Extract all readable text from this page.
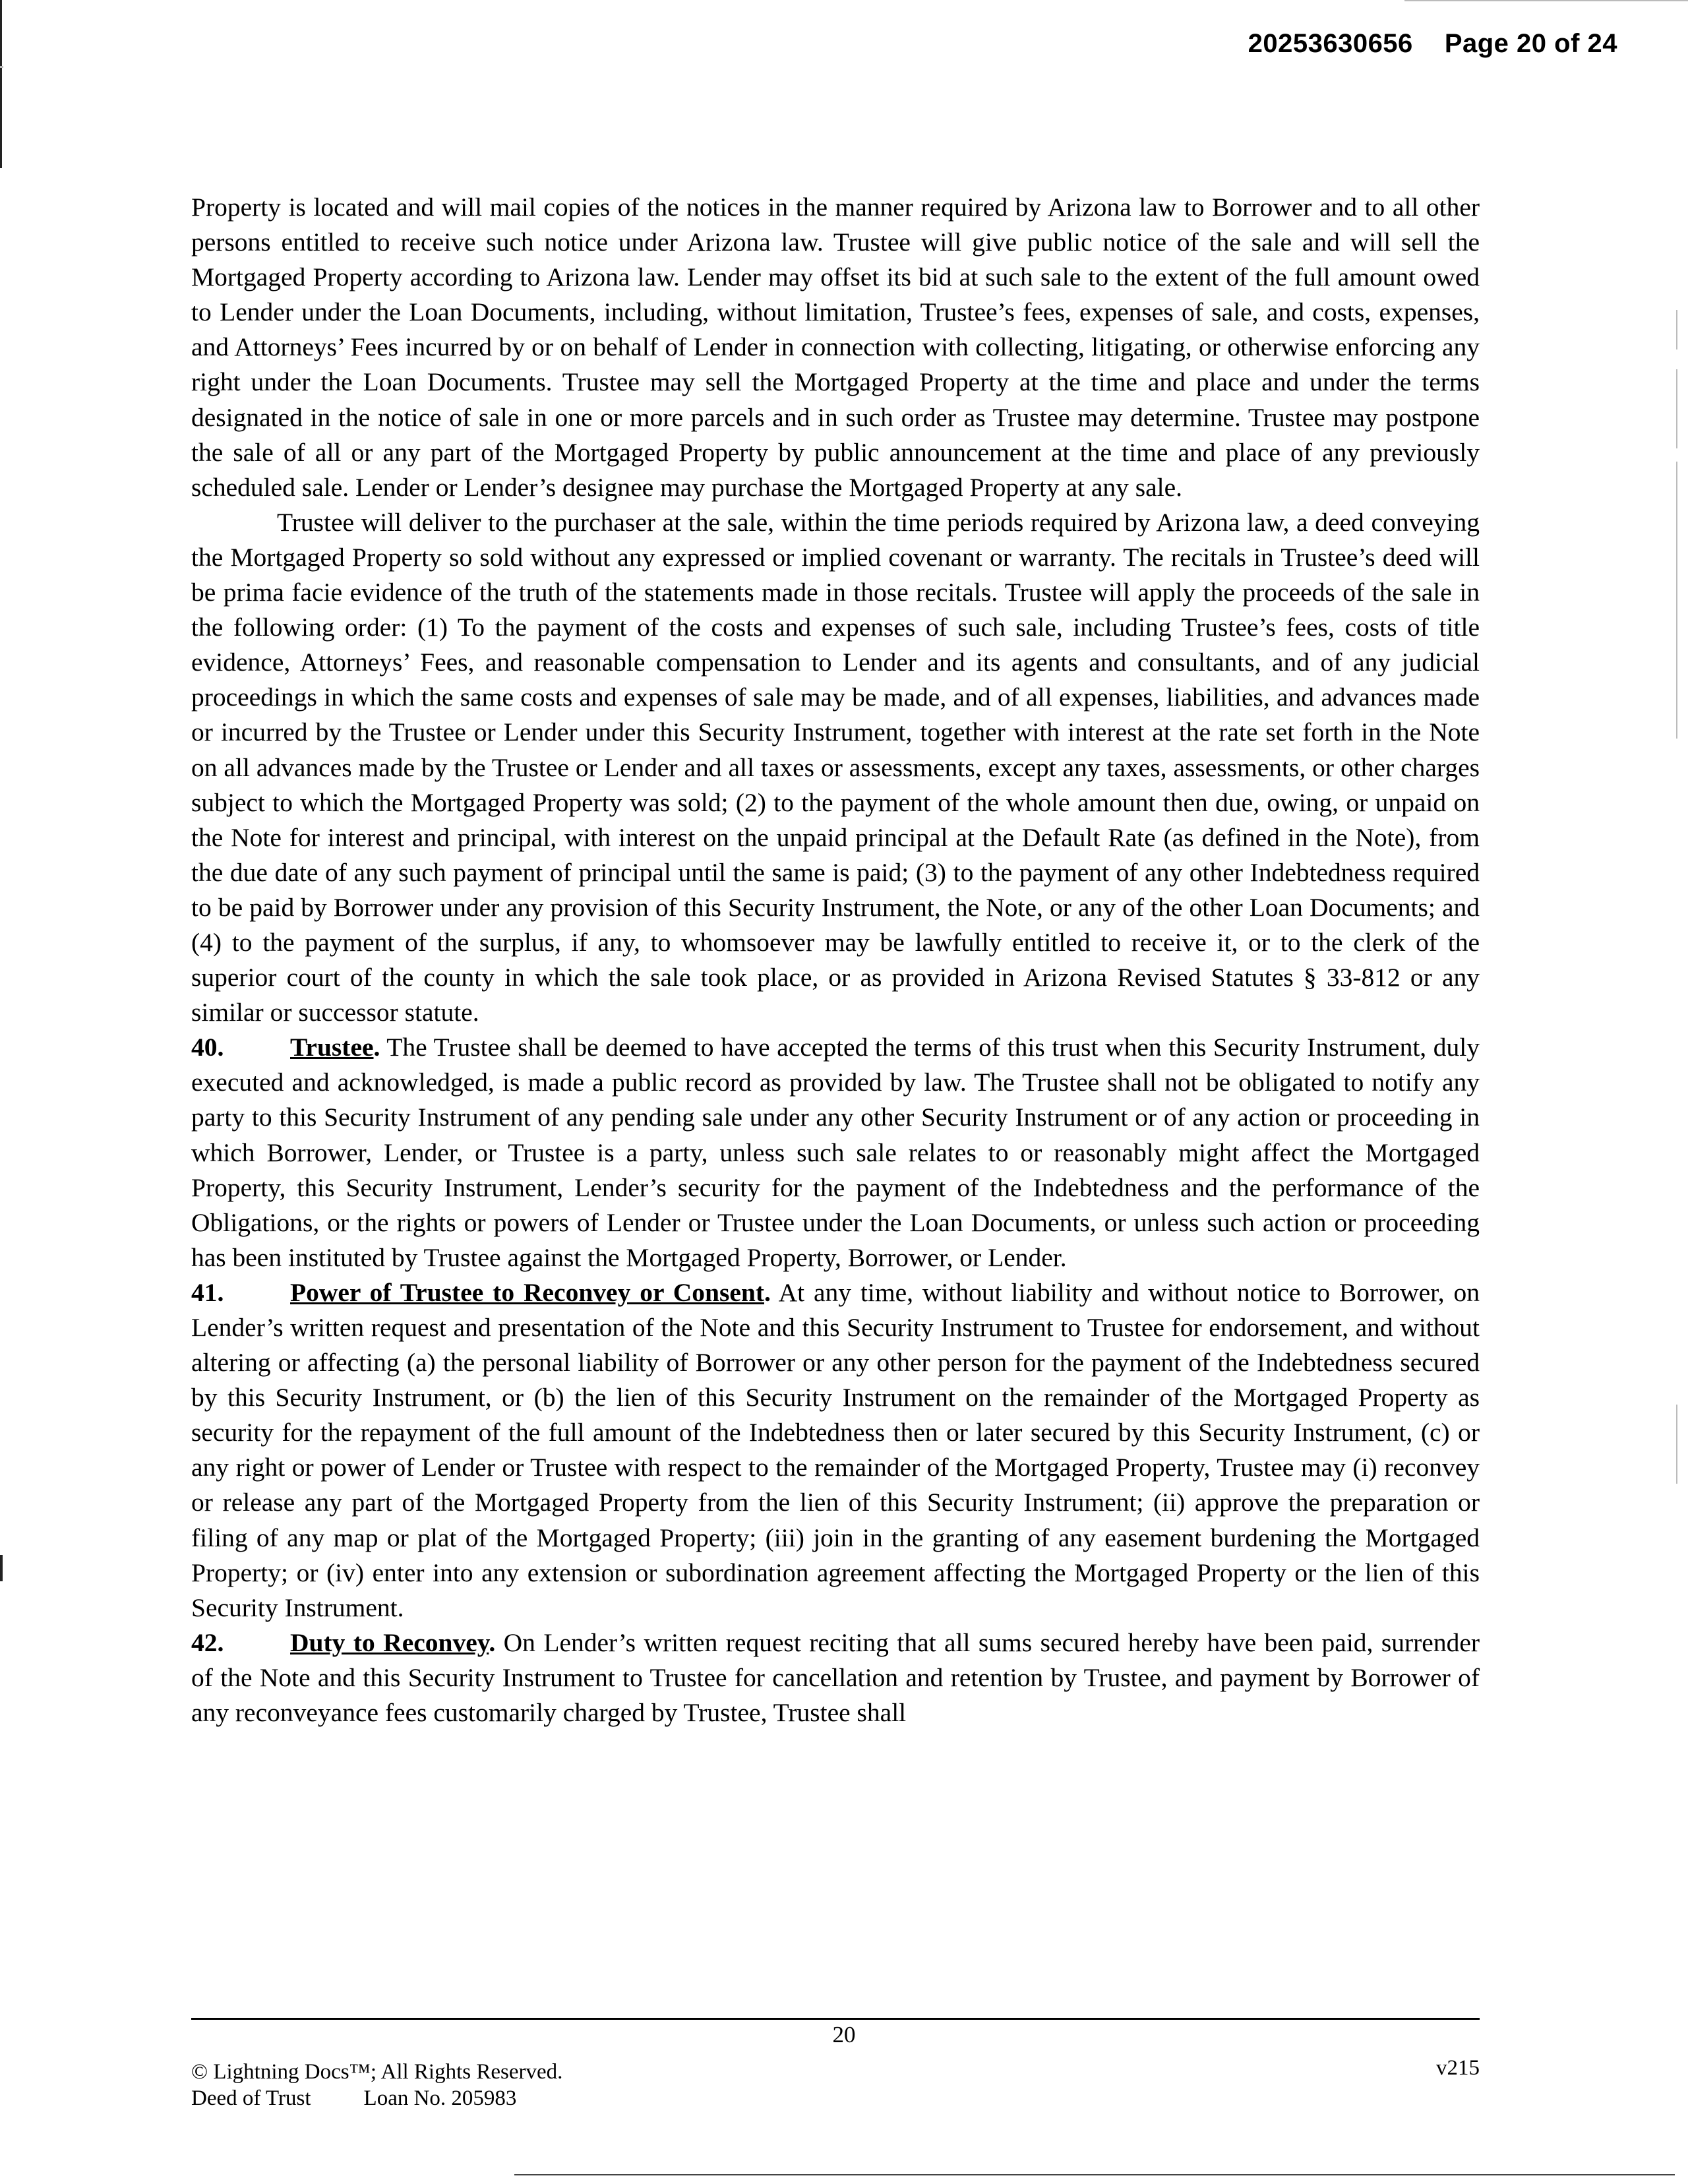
20253630656 Page 20 of 24

Property is located and will mail copies of the notices in the manner required by Arizona law to Borrower and to all other persons entitled to receive such notice under Arizona law. Trustee will give public notice of the sale and will sell the Mortgaged Property according to Arizona law. Lender may offset its bid at such sale to the extent of the full amount owed to Lender under the Loan Documents, including, without limitation, Trustee’s fees, expenses of sale, and costs, expenses, and Attorneys’ Fees incurred by or on behalf of Lender in connection with collecting, litigating, or otherwise enforcing any right under the Loan Documents. Trustee may sell the Mortgaged Property at the time and place and under the terms designated in the notice of sale in one or more parcels and in such order as Trustee may determine. Trustee may postpone the sale of all or any part of the Mortgaged Property by public announcement at the time and place of any previously scheduled sale. Lender or Lender’s designee may purchase the Mortgaged Property at any sale.

Trustee will deliver to the purchaser at the sale, within the time periods required by Arizona law, a deed conveying the Mortgaged Property so sold without any expressed or implied covenant or warranty. The recitals in Trustee’s deed will be prima facie evidence of the truth of the statements made in those recitals. Trustee will apply the proceeds of the sale in the following order: (1) To the payment of the costs and expenses of such sale, including Trustee’s fees, costs of title evidence, Attorneys’ Fees, and reasonable compensation to Lender and its agents and consultants, and of any judicial proceedings in which the same costs and expenses of sale may be made, and of all expenses, liabilities, and advances made or incurred by the Trustee or Lender under this Security Instrument, together with interest at the rate set forth in the Note on all advances made by the Trustee or Lender and all taxes or assessments, except any taxes, assessments, or other charges subject to which the Mortgaged Property was sold; (2) to the payment of the whole amount then due, owing, or unpaid on the Note for interest and principal, with interest on the unpaid principal at the Default Rate (as defined in the Note), from the due date of any such payment of principal until the same is paid; (3) to the payment of any other Indebtedness required to be paid by Borrower under any provision of this Security Instrument, the Note, or any of the other Loan Documents; and (4) to the payment of the surplus, if any, to whomsoever may be lawfully entitled to receive it, or to the clerk of the superior court of the county in which the sale took place, or as provided in Arizona Revised Statutes § 33-812 or any similar or successor statute.

40.	Trustee. The Trustee shall be deemed to have accepted the terms of this trust when this Security Instrument, duly executed and acknowledged, is made a public record as provided by law. The Trustee shall not be obligated to notify any party to this Security Instrument of any pending sale under any other Security Instrument or of any action or proceeding in which Borrower, Lender, or Trustee is a party, unless such sale relates to or reasonably might affect the Mortgaged Property, this Security Instrument, Lender’s security for the payment of the Indebtedness and the performance of the Obligations, or the rights or powers of Lender or Trustee under the Loan Documents, or unless such action or proceeding has been instituted by Trustee against the Mortgaged Property, Borrower, or Lender.

41.	Power of Trustee to Reconvey or Consent. At any time, without liability and without notice to Borrower, on Lender’s written request and presentation of the Note and this Security Instrument to Trustee for endorsement, and without altering or affecting (a) the personal liability of Borrower or any other person for the payment of the Indebtedness secured by this Security Instrument, or (b) the lien of this Security Instrument on the remainder of the Mortgaged Property as security for the repayment of the full amount of the Indebtedness then or later secured by this Security Instrument, (c) or any right or power of Lender or Trustee with respect to the remainder of the Mortgaged Property, Trustee may (i) reconvey or release any part of the Mortgaged Property from the lien of this Security Instrument; (ii) approve the preparation or filing of any map or plat of the Mortgaged Property; (iii) join in the granting of any easement burdening the Mortgaged Property; or (iv) enter into any extension or subordination agreement affecting the Mortgaged Property or the lien of this Security Instrument.

42.	Duty to Reconvey. On Lender’s written request reciting that all sums secured hereby have been paid, surrender of the Note and this Security Instrument to Trustee for cancellation and retention by Trustee, and payment by Borrower of any reconveyance fees customarily charged by Trustee, Trustee shall

20
© Lightning Docs™; All Rights Reserved.
Deed of Trust Loan No. 205983
v215
